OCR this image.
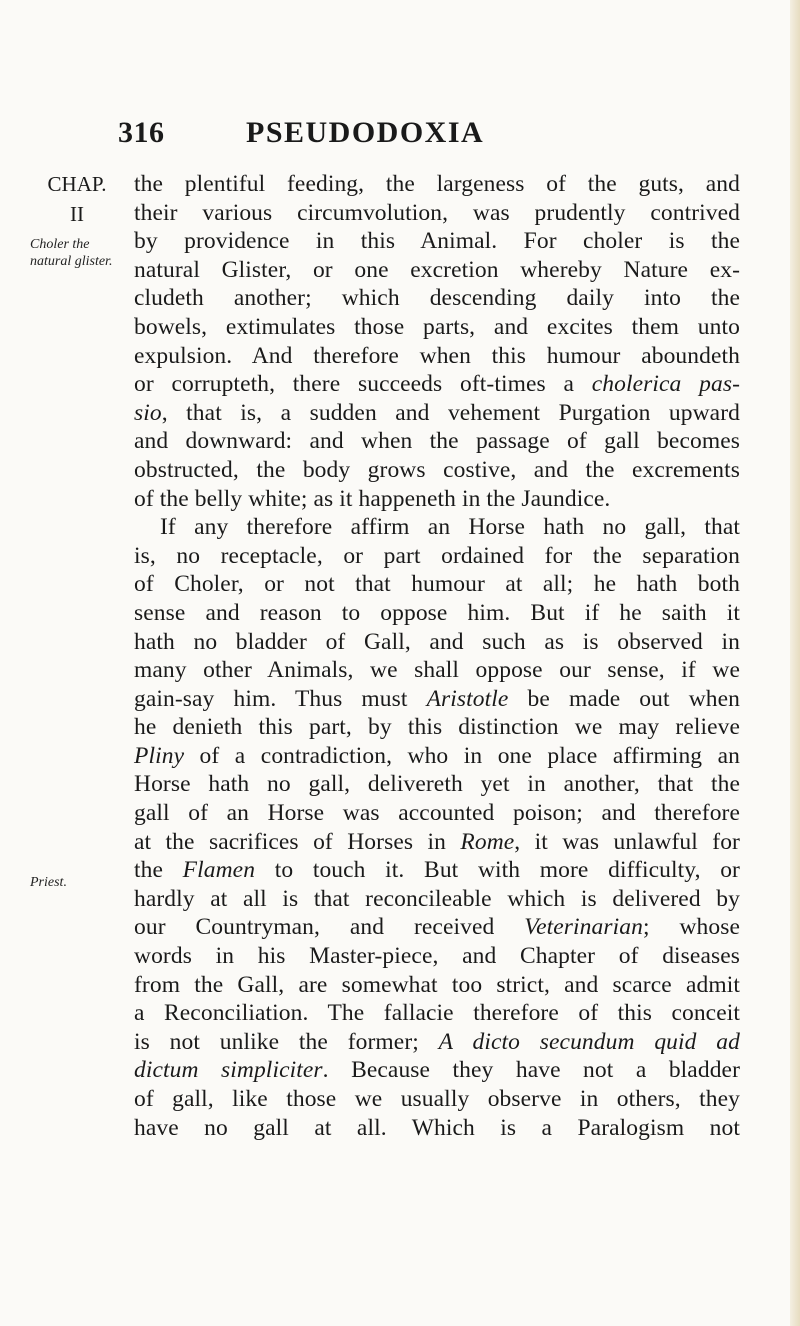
316	PSEUDODOXIA
CHAP.
II
Choler the natural glister.
Priest.

the plentiful feeding, the largeness of the guts, and
their various circumvolution, was prudently contrived
by providence in this Animal. For choler is the
natural Glister, or one excretion whereby Nature ex-
cludeth another; which descending daily into the
bowels, extimulates those parts, and excites them unto
expulsion. And therefore when this humour aboundeth
or corrupteth, there succeeds oft-times a cholerica pas-
sio, that is, a sudden and vehement Purgation upward
and downward: and when the passage of gall becomes
obstructed, the body grows costive, and the excrements
of the belly white; as it happeneth in the Jaundice.

If any therefore affirm an Horse hath no gall, that
is, no receptacle, or part ordained for the separation
of Choler, or not that humour at all; he hath both
sense and reason to oppose him. But if he saith it
hath no bladder of Gall, and such as is observed in
many other Animals, we shall oppose our sense, if we
gain-say him. Thus must Aristotle be made out when
he denieth this part, by this distinction we may relieve
Pliny of a contradiction, who in one place affirming an
Horse hath no gall, delivereth yet in another, that the
gall of an Horse was accounted poison; and therefore
at the sacrifices of Horses in Rome, it was unlawful for
the Flamen to touch it. But with more difficulty, or
hardly at all is that reconcileable which is delivered by
our Countryman, and received Veterinarian; whose
words in his Master-piece, and Chapter of diseases
from the Gall, are somewhat too strict, and scarce admit
a Reconciliation. The fallacie therefore of this conceit
is not unlike the former; A dicto secundum quid ad
dictum simpliciter. Because they have not a bladder
of gall, like those we usually observe in others, they
have no gall at all. Which is a Paralogism not
